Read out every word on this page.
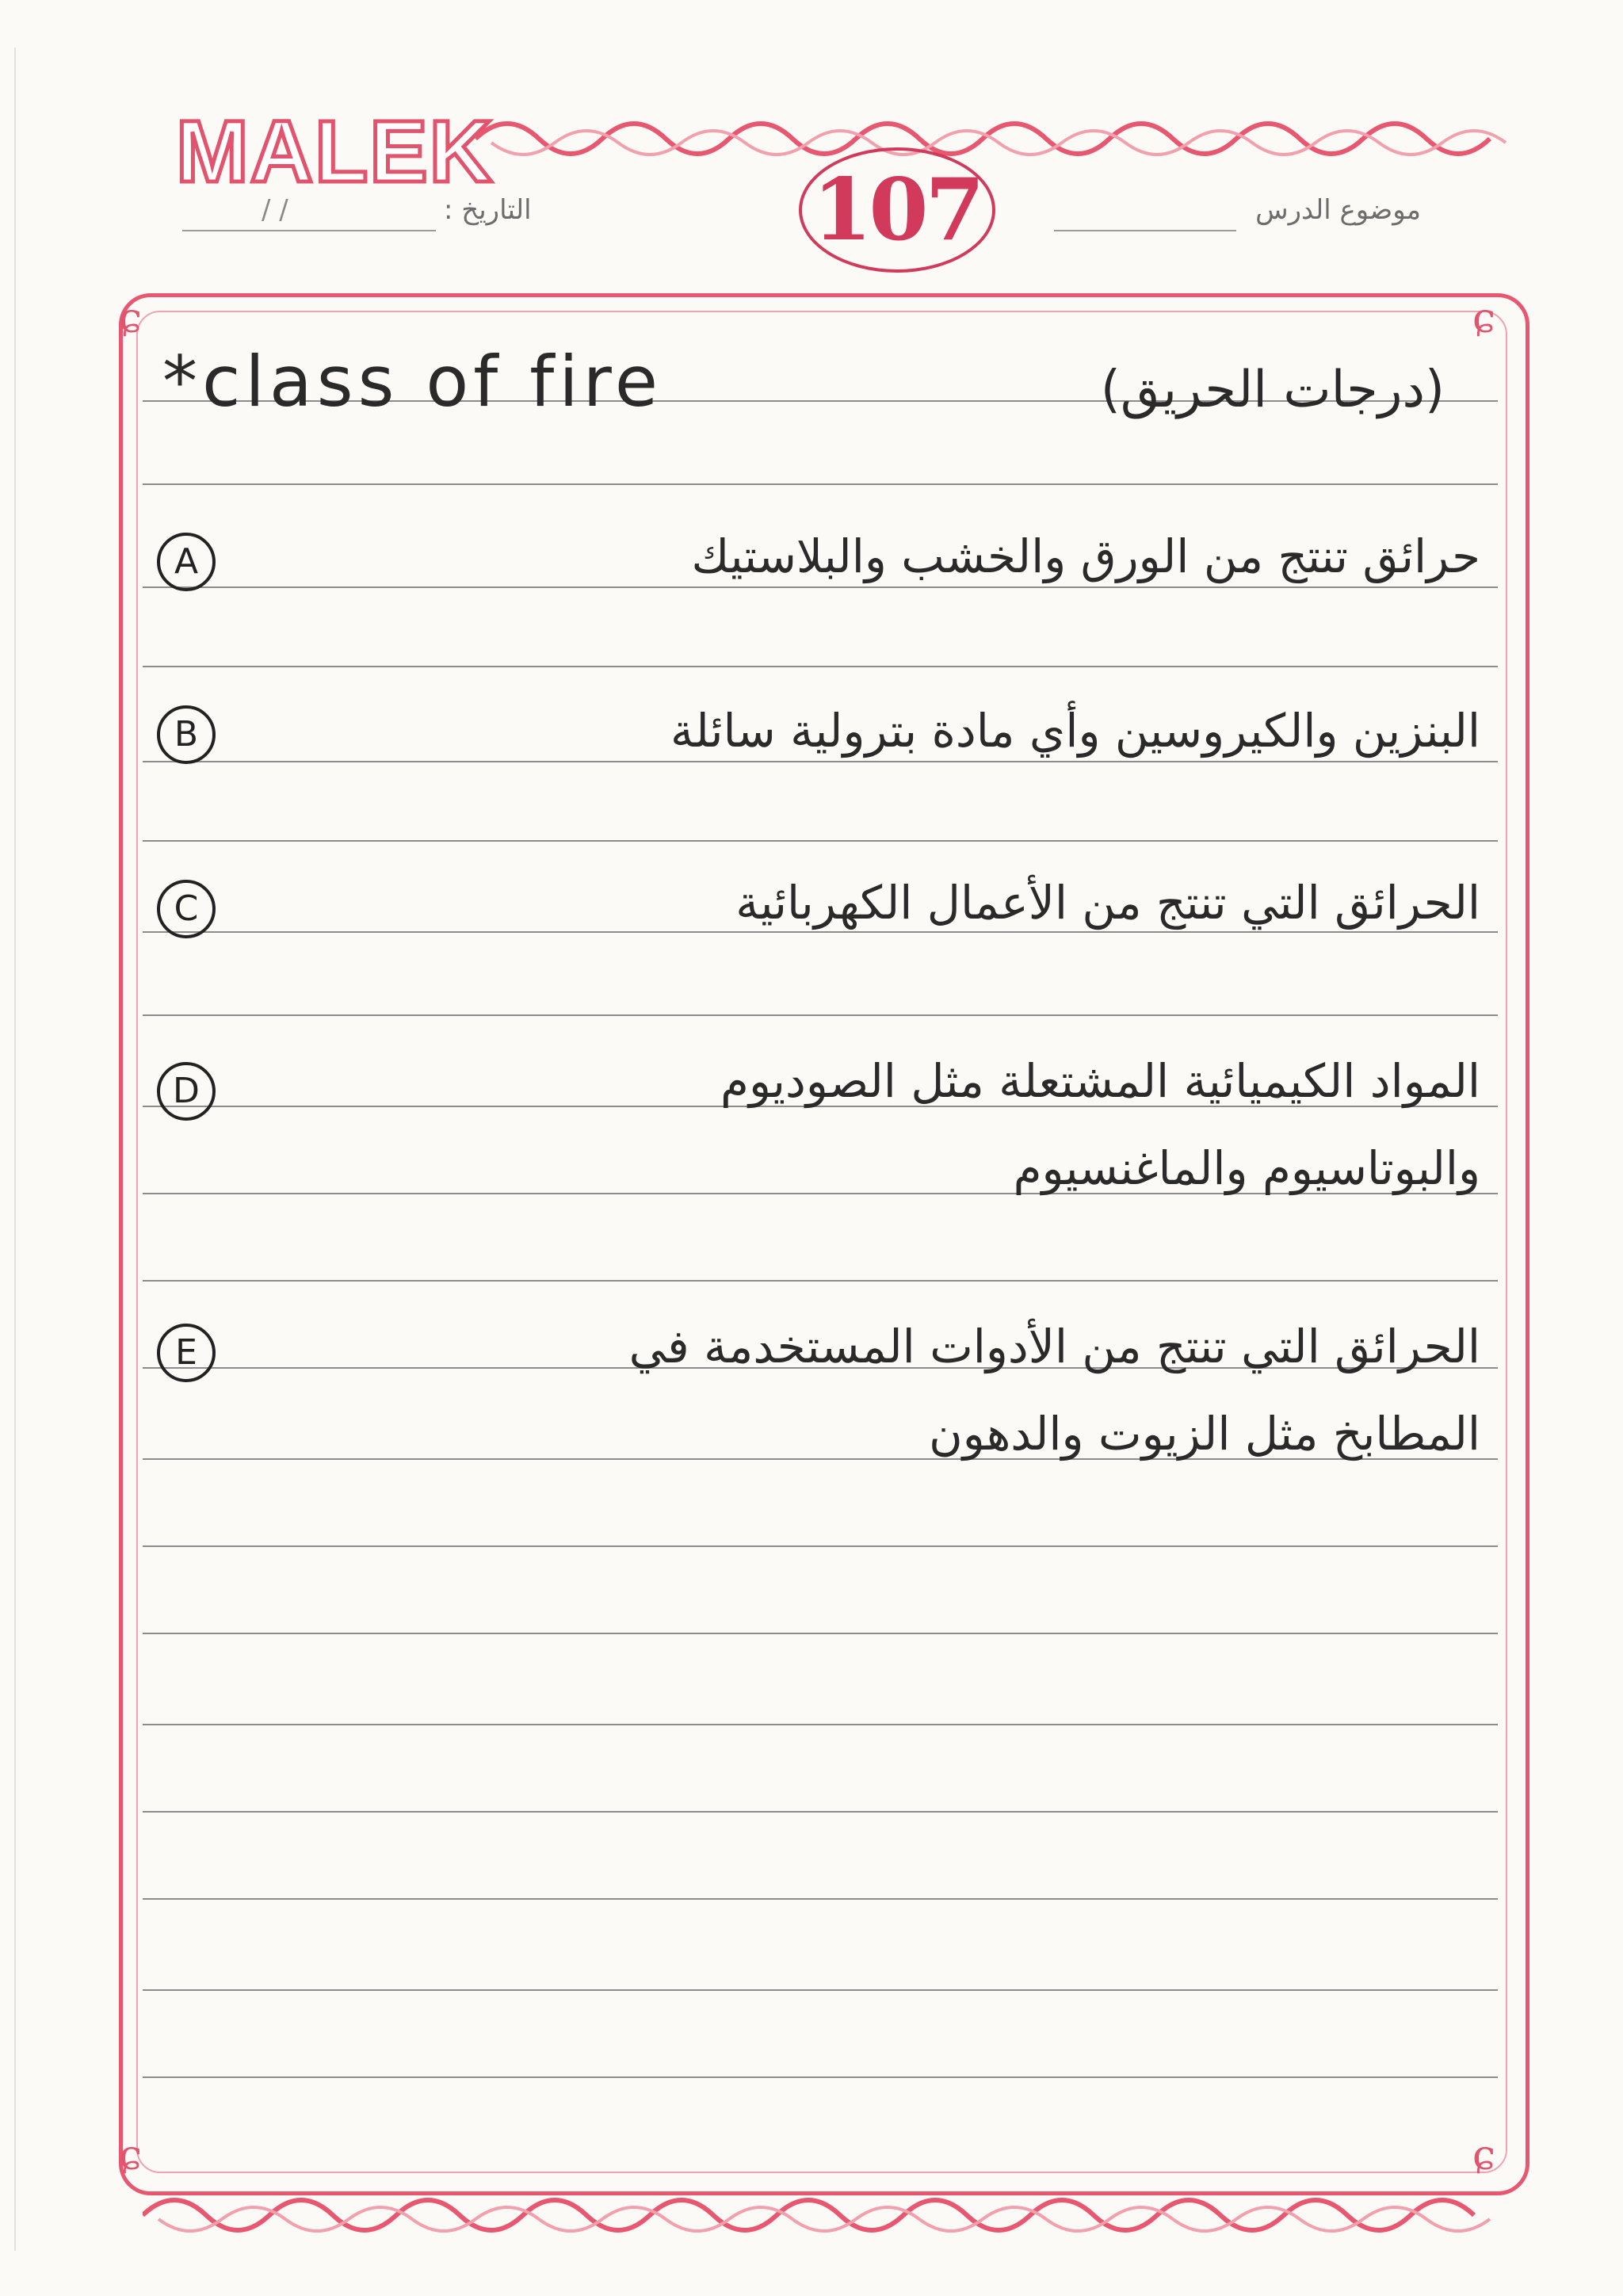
MALEK
موضوع الدرس
التاريخ :
/ /	107
ɕ	ɕ
ɕ	ɕ
*class of fire	(درجات الحريق)
A	حرائق تنتج من الورق والخشب والبلاستيك
B	البنزين والكيروسين وأي مادة بترولية سائلة
C	الحرائق التي تنتج من الأعمال الكهربائية
D	المواد الكيميائية المشتعلة مثل الصوديوم
والبوتاسيوم والماغنسيوم
E	الحرائق التي تنتج من الأدوات المستخدمة في
المطابخ مثل الزيوت والدهون
